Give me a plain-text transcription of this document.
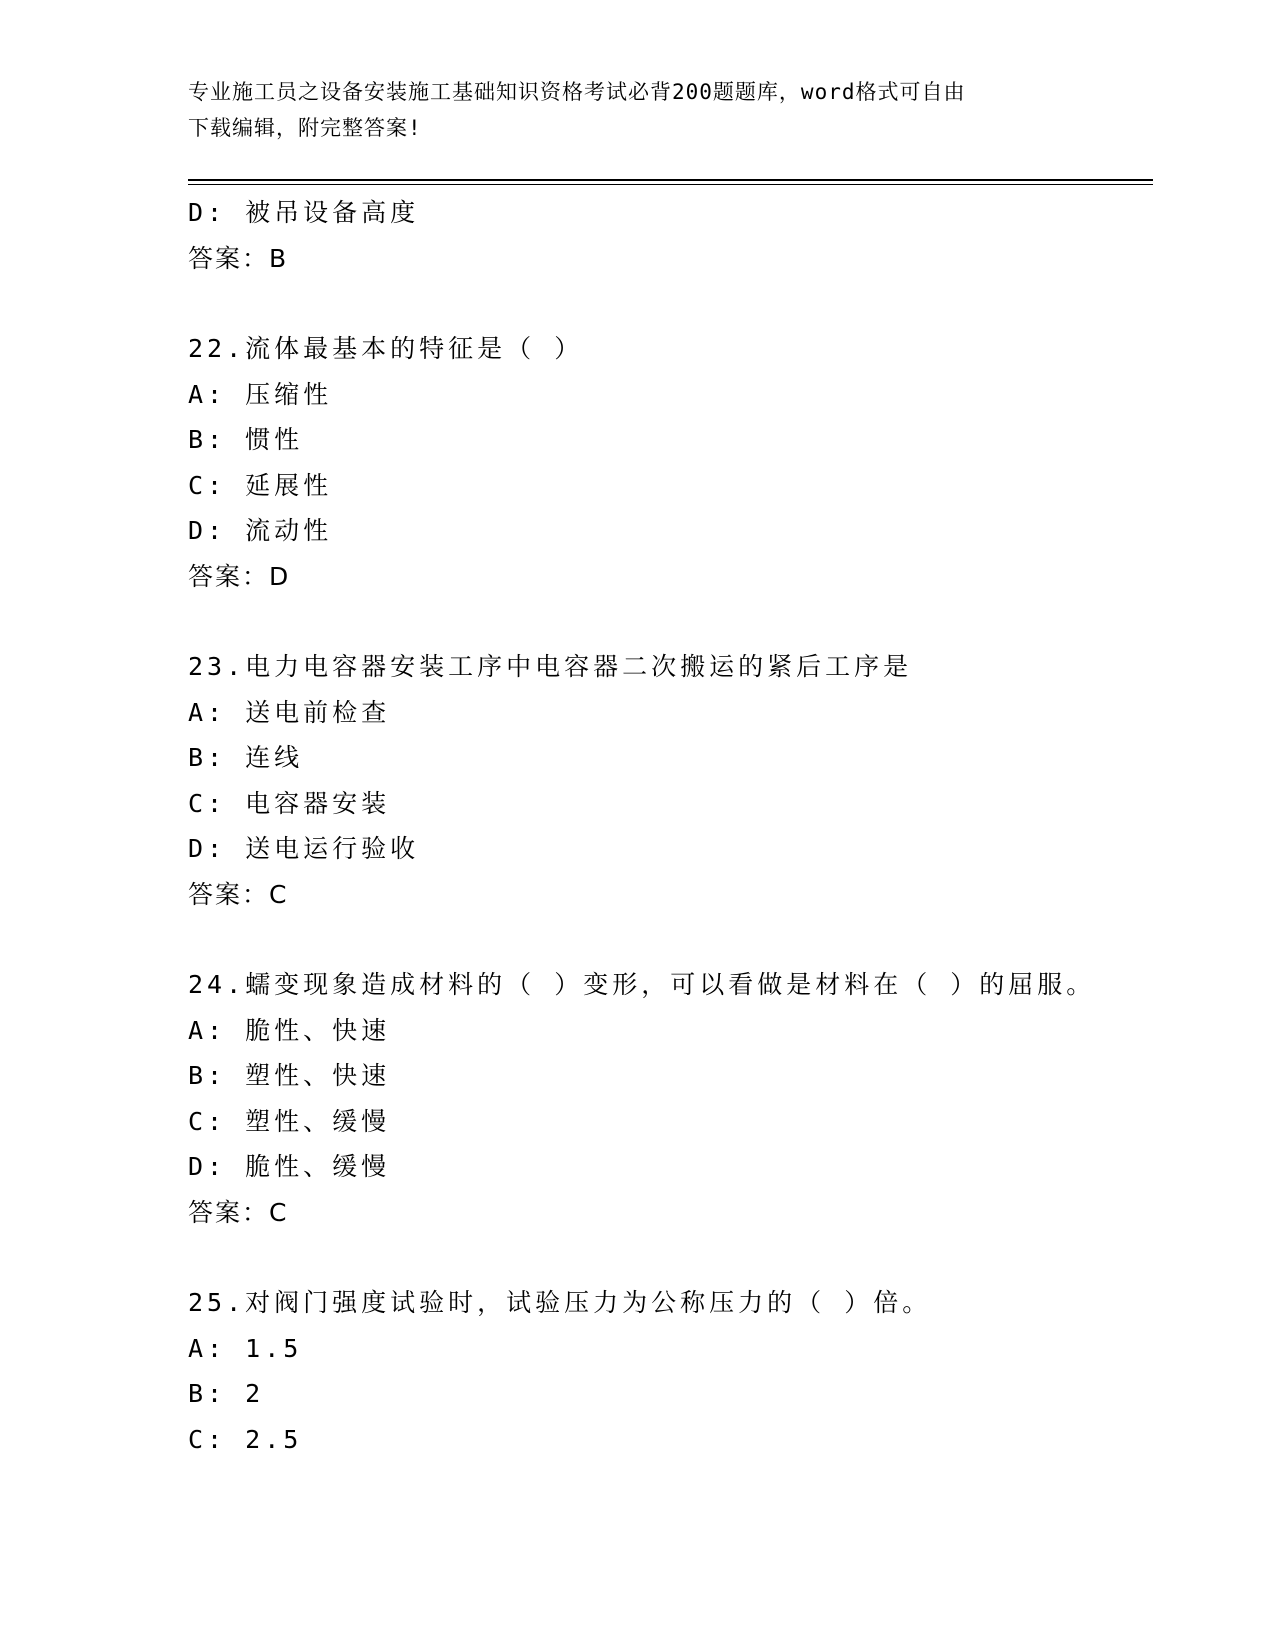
专业施工员之设备安装施工基础知识资格考试必背200题题库，word格式可自由
下载编辑，附完整答案!
D: 被吊设备高度
答案：B
22.流体最基本的特征是（ ）
A: 压缩性
B: 惯性
C: 延展性
D: 流动性
答案：D
23.电力电容器安装工序中电容器二次搬运的紧后工序是
A: 送电前检查
B: 连线
C: 电容器安装
D: 送电运行验收
答案：C
24.蠕变现象造成材料的（ ）变形，可以看做是材料在（ ）的屈服。
A: 脆性、快速
B: 塑性、快速
C: 塑性、缓慢
D: 脆性、缓慢
答案：C
25.对阀门强度试验时，试验压力为公称压力的（ ）倍。
A: 1.5
B: 2
C: 2.5
